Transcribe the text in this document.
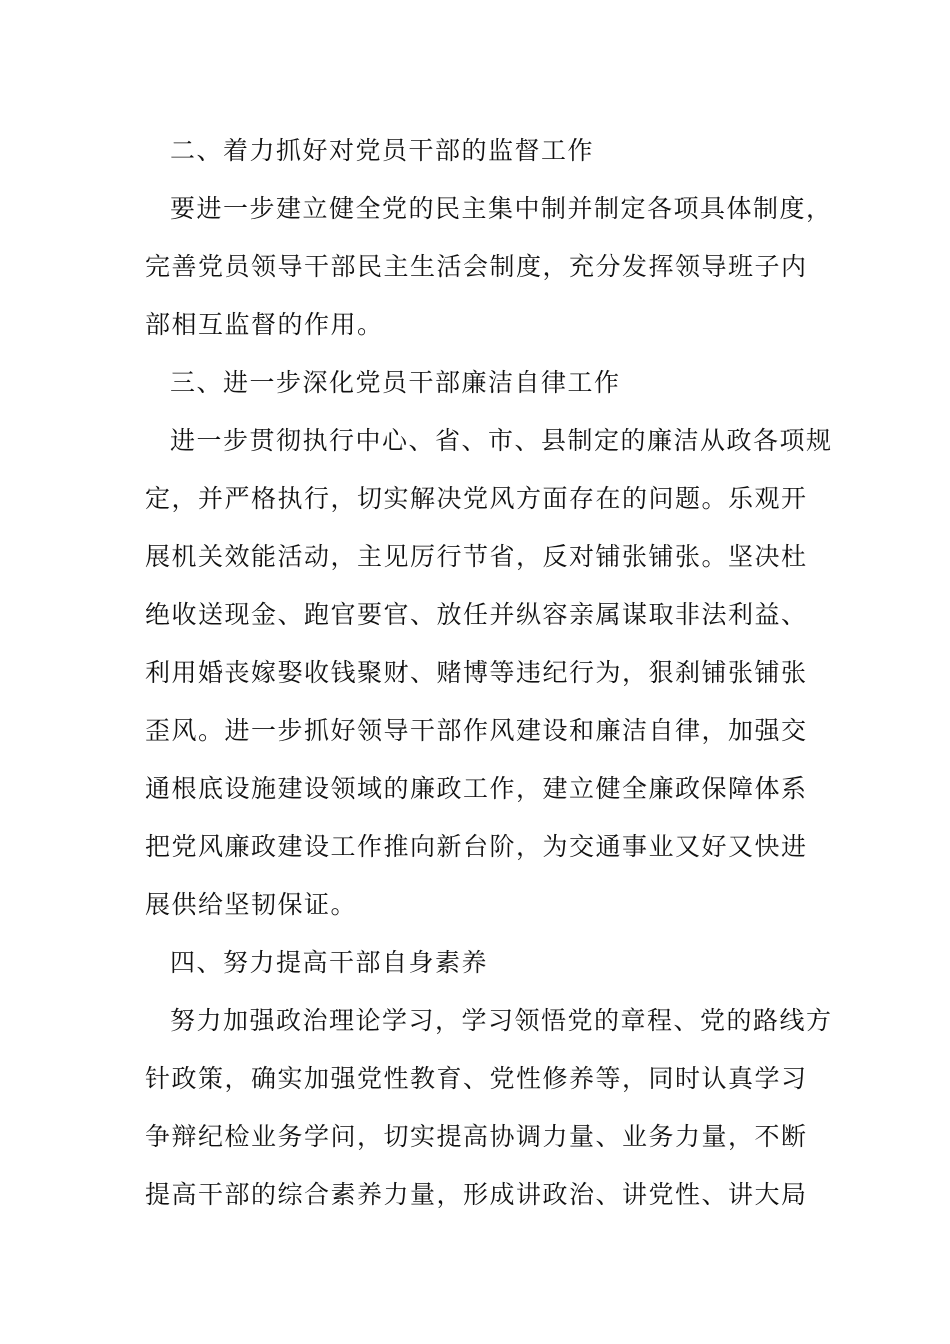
二、着力抓好对党员干部的监督工作
要进一步建立健全党的民主集中制并制定各项具体制度，
完善党员领导干部民主生活会制度，充分发挥领导班子内
部相互监督的作用。
三、进一步深化党员干部廉洁自律工作
进一步贯彻执行中心、省、市、县制定的廉洁从政各项规
定，并严格执行，切实解决党风方面存在的问题。乐观开
展机关效能活动，主见厉行节省，反对铺张铺张。坚决杜
绝收送现金、跑官要官、放任并纵容亲属谋取非法利益、
利用婚丧嫁娶收钱聚财、赌博等违纪行为，狠刹铺张铺张
歪风。进一步抓好领导干部作风建设和廉洁自律，加强交
通根底设施建设领域的廉政工作，建立健全廉政保障体系
把党风廉政建设工作推向新台阶，为交通事业又好又快进
展供给坚韧保证。
四、努力提高干部自身素养
努力加强政治理论学习，学习领悟党的章程、党的路线方
针政策，确实加强党性教育、党性修养等，同时认真学习
争辩纪检业务学问，切实提高协调力量、业务力量，不断
提高干部的综合素养力量，形成讲政治、讲党性、讲大局
